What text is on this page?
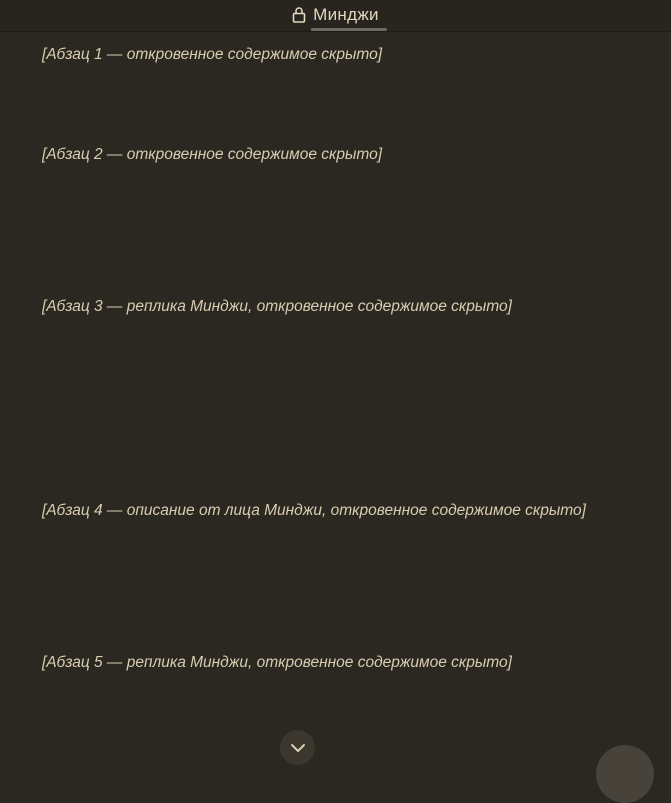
Минджи

[Абзац 1 — откровенное содержимое скрыто]

[Абзац 2 — откровенное содержимое скрыто]

[Абзац 3 — реплика Минджи, откровенное содержимое скрыто]

[Абзац 4 — описание от лица Минджи, откровенное содержимое скрыто]

[Абзац 5 — реплика Минджи, откровенное содержимое скрыто]
